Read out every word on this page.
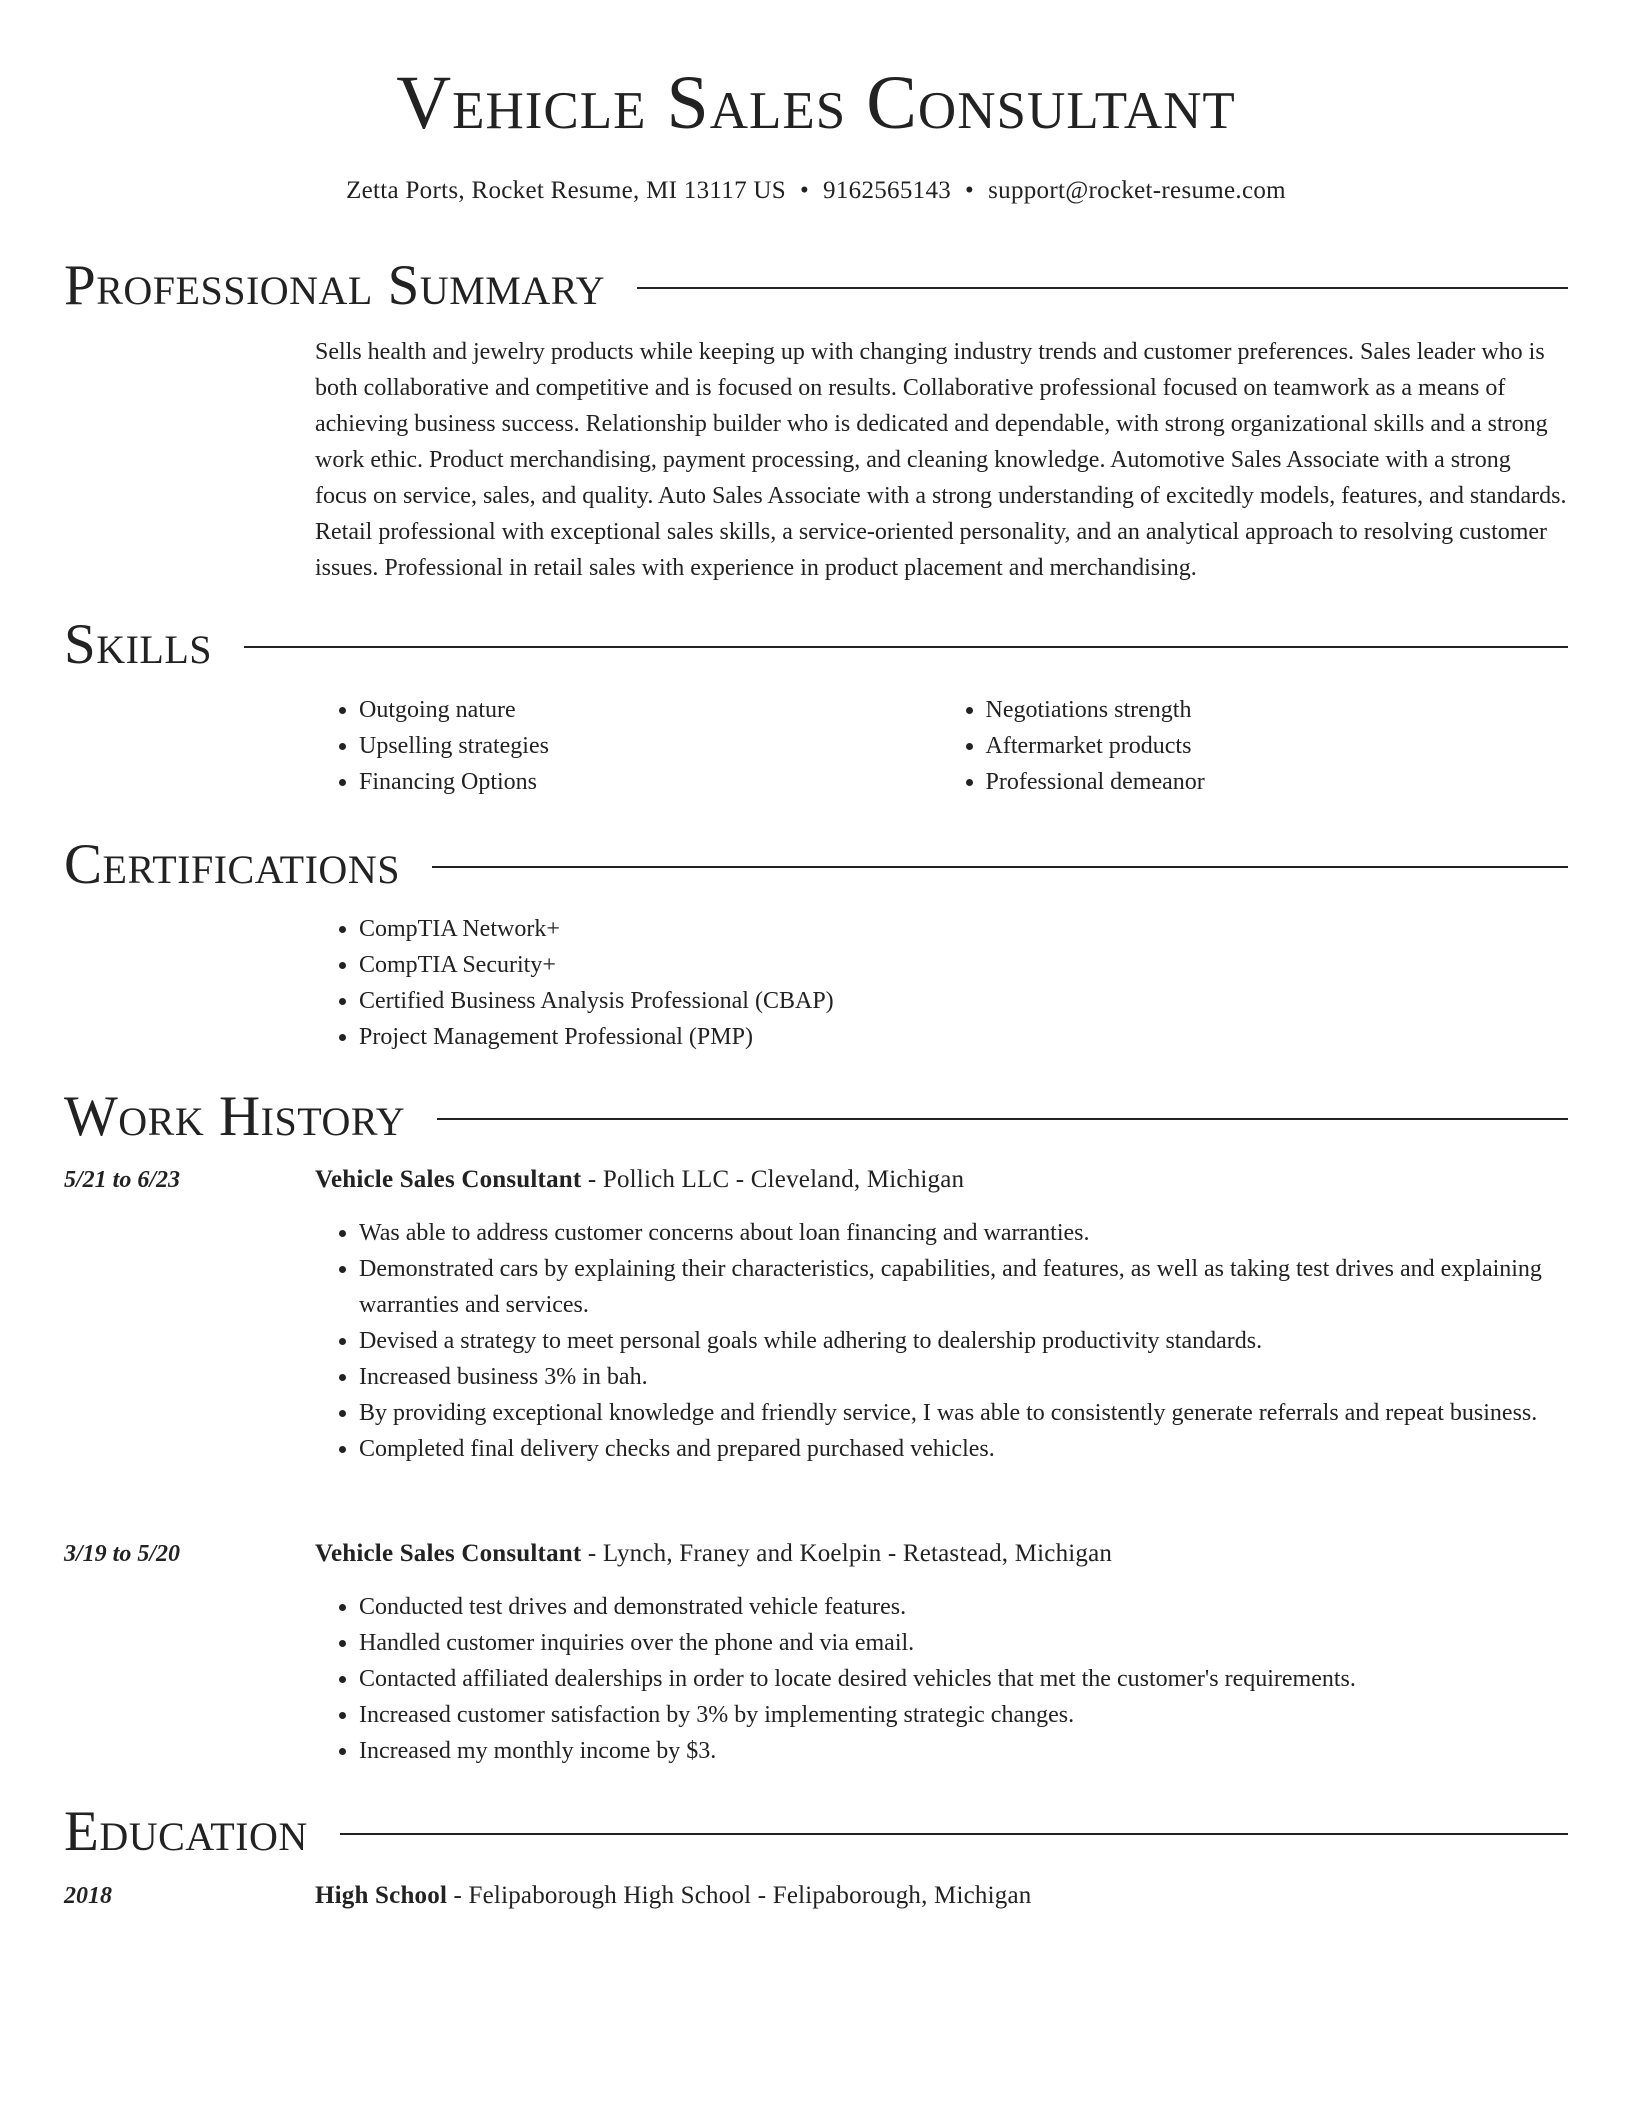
Vehicle Sales Consultant
Zetta Ports, Rocket Resume, MI 13117 US • 9162565143 • support@rocket-resume.com
Professional Summary
Sells health and jewelry products while keeping up with changing industry trends and customer preferences. Sales leader who is both collaborative and competitive and is focused on results. Collaborative professional focused on teamwork as a means of achieving business success. Relationship builder who is dedicated and dependable, with strong organizational skills and a strong work ethic. Product merchandising, payment processing, and cleaning knowledge. Automotive Sales Associate with a strong focus on service, sales, and quality. Auto Sales Associate with a strong understanding of excitedly models, features, and standards. Retail professional with exceptional sales skills, a service-oriented personality, and an analytical approach to resolving customer issues. Professional in retail sales with experience in product placement and merchandising.
Skills
• Outgoing nature
• Upselling strategies
• Financing Options
• Negotiations strength
• Aftermarket products
• Professional demeanor
Certifications
• CompTIA Network+
• CompTIA Security+
• Certified Business Analysis Professional (CBAP)
• Project Management Professional (PMP)
Work History
5/21 to 6/23	Vehicle Sales Consultant - Pollich LLC - Cleveland, Michigan
• Was able to address customer concerns about loan financing and warranties.
• Demonstrated cars by explaining their characteristics, capabilities, and features, as well as taking test drives and explaining warranties and services.
• Devised a strategy to meet personal goals while adhering to dealership productivity standards.
• Increased business 3% in bah.
• By providing exceptional knowledge and friendly service, I was able to consistently generate referrals and repeat business.
• Completed final delivery checks and prepared purchased vehicles.
3/19 to 5/20	Vehicle Sales Consultant - Lynch, Franey and Koelpin - Retastead, Michigan
• Conducted test drives and demonstrated vehicle features.
• Handled customer inquiries over the phone and via email.
• Contacted affiliated dealerships in order to locate desired vehicles that met the customer's requirements.
• Increased customer satisfaction by 3% by implementing strategic changes.
• Increased my monthly income by $3.
Education
2018	High School - Felipaborough High School - Felipaborough, Michigan
